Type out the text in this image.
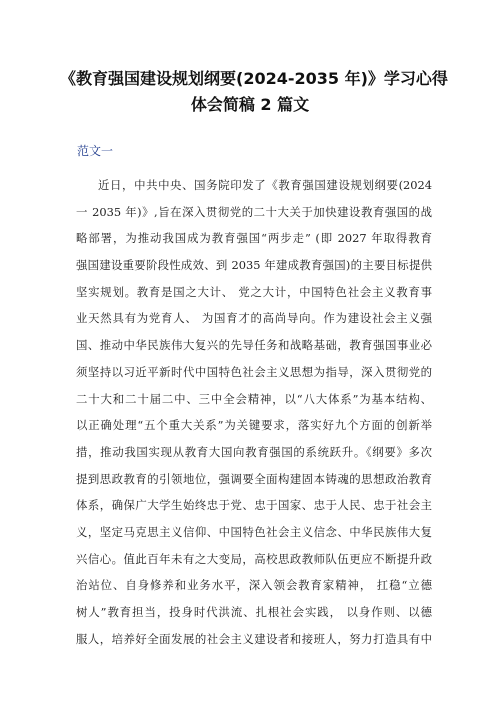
《教育强国建设规划纲要(2024-2035 年)》学习心得
体会简稿 2 篇文
范文一
近日，中共中央、国务院印发了《教育强国建设规划纲要(2024
一 2035 年)》,旨在深入贯彻党的二十大关于加快建设教育强国的战
略部署，为推动我国成为教育强国“两步走” (即 2027 年取得教育
强国建设重要阶段性成效、到 2035 年建成教育强国)的主要目标提供
坚实规划。教育是国之大计、 党之大计，中国特色社会主义教育事
业天然具有为党育人、 为国育才的高尚导向。作为建设社会主义强
国、推动中华民族伟大复兴的先导任务和战略基础，教育强国事业必
须坚持以习近平新时代中国特色社会主义思想为指导，深入贯彻党的
二十大和二十届二中、三中全会精神，以“八大体系”为基本结构、
以正确处理“五个重大关系”为关键要求，落实好九个方面的创新举
措，推动我国实现从教育大国向教育强国的系统跃升。《纲要》多次
提到思政教育的引领地位，强调要全面构建固本铸魂的思想政治教育
体系，确保广大学生始终忠于党、忠于国家、忠于人民、忠于社会主
义，坚定马克思主义信仰、中国特色社会主义信念、中华民族伟大复
兴信心。值此百年未有之大变局，高校思政教师队伍更应不断提升政
治站位、自身修养和业务水平，深入领会教育家精神， 扛稳“立德
树人”教育担当，投身时代洪流、扎根社会实践， 以身作则、以德
服人，培养好全面发展的社会主义建设者和接班人，努力打造具有中
